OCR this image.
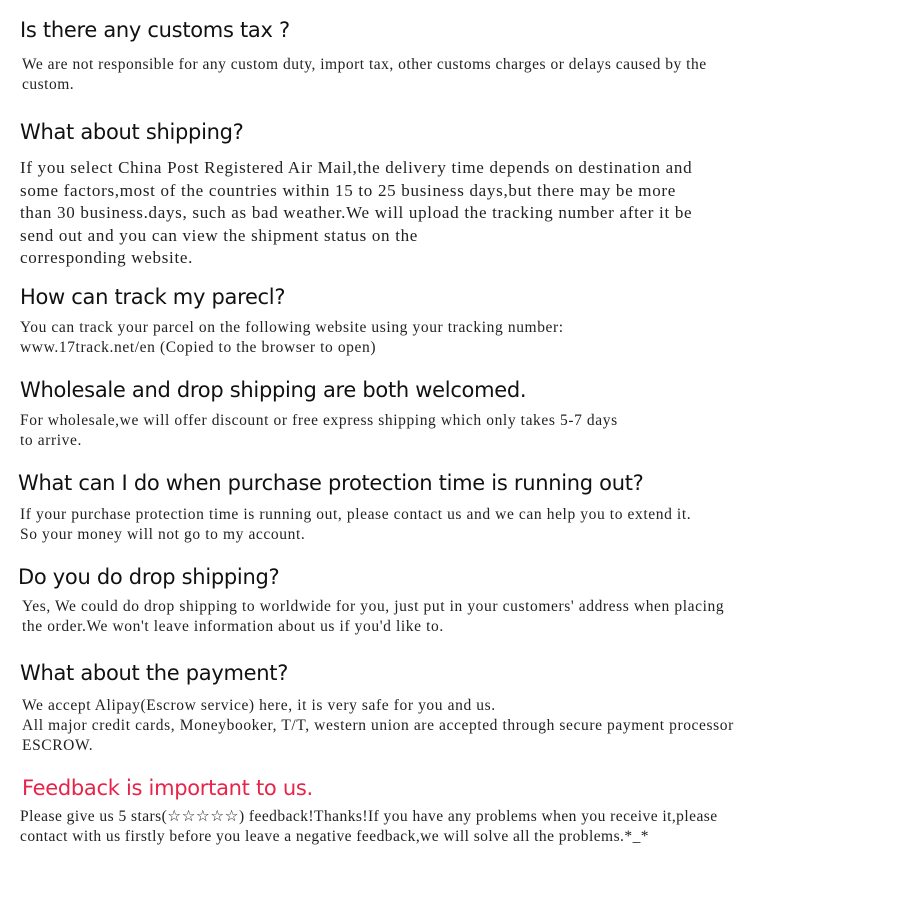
Is there any customs tax ?
We are not responsible for any custom duty, import tax, other customs charges or delays caused by the
custom.
What about shipping?
If you select China Post Registered Air Mail,the delivery time depends on destination and
some factors,most of the countries within 15 to 25 business days,but there may be more
than 30 business.days, such as bad weather.We will upload the tracking number after it be
send out and you can view the shipment status on the
corresponding website.
How can track my parecl?
You can track your parcel on the following website using your tracking number:
www.17track.net/en (Copied to the browser to open)
Wholesale and drop shipping are both welcomed.
For wholesale,we will offer discount or free express shipping which only takes 5-7 days
to arrive.
What can I do when purchase protection time is running out?
If your purchase protection time is running out, please contact us and we can help you to extend it.
So your money will not go to my account.
Do you do drop shipping?
Yes, We could do drop shipping to worldwide for you, just put in your customers' address when placing
the order.We won't leave information about us if you'd like to.
What about the payment?
We accept Alipay(Escrow service) here, it is very safe for you and us.
All major credit cards, Moneybooker, T/T, western union are accepted through secure payment processor
ESCROW.
Feedback is important to us.
Please give us 5 stars(☆☆☆☆☆) feedback!Thanks!If you have any problems when you receive it,please
contact with us firstly before you leave a negative feedback,we will solve all the problems.*_*
